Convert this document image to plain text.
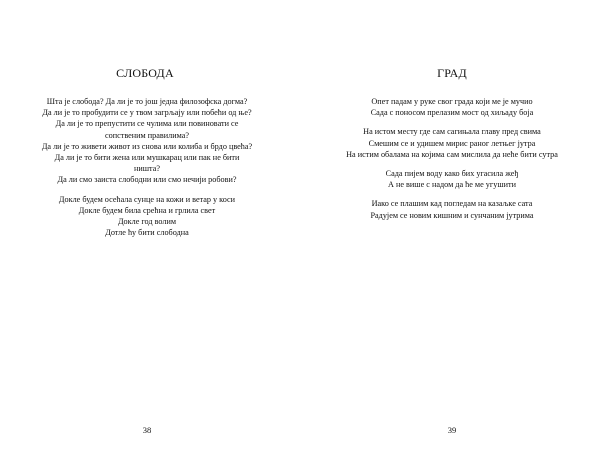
СЛОБОДА
Шта је слобода? Да ли је то још једна филозофска догма?
Да ли је то пробудити се у твом загрљају или побећи од ње?
Да ли је то препустити се чулима или повиновати се
сопственим правилима?
Да ли је то живети живот из снова или колиба и брдо цвећа?
Да ли је то бити жена или мушкарац или пак не бити
ништа?
Да ли смо заиста слободни или смо нечији робови?
Докле будем осећала сунце на кожи и ветар у коси
Докле будем била срећна и грлила свет
Докле год волим
Дотле ћу бити слободна
38
ГРАД
Опет падам у руке свог града који ме је мучио
Сада с поносом прелазим мост од хиљаду боја
На истом месту где сам сагињала главу пред свима
Смешим се и удишем мирис раног летњег јутра
На истим обалама на којима сам мислила да нећe бити сутра
Сада пијем воду како бих угасила жеђ
А не више с надом да ће ме угушити
Иако се плашим кад погледам на казаљке сата
Радујем се новим кишним и сунчаним јутрима
39
